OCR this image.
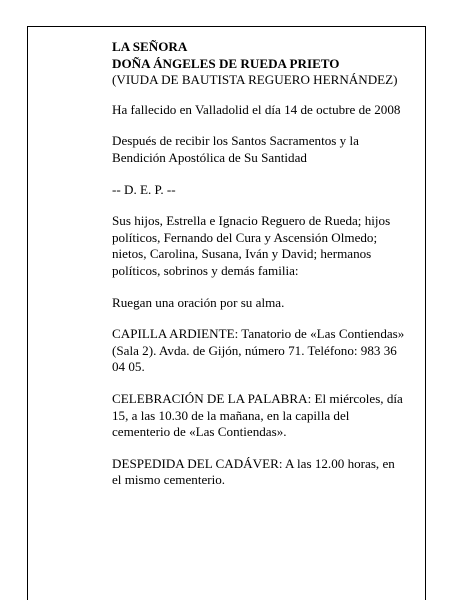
LA SEÑORA
DOÑA ÁNGELES DE RUEDA PRIETO
(VIUDA DE BAUTISTA REGUERO HERNÁNDEZ)

Ha fallecido en Valladolid el día 14 de octubre de 2008

Después de recibir los Santos Sacramentos y la
Bendición Apostólica de Su Santidad

-- D. E. P. --

Sus hijos, Estrella e Ignacio Reguero de Rueda; hijos
políticos, Fernando del Cura y Ascensión Olmedo;
nietos, Carolina, Susana, Iván y David; hermanos
políticos, sobrinos y demás familia:

Ruegan una oración por su alma.

CAPILLA ARDIENTE: Tanatorio de «Las Contiendas»
(Sala 2). Avda. de Gijón, número 71. Teléfono: 983 36
04 05.

CELEBRACIÓN DE LA PALABRA: El miércoles, día
15, a las 10.30 de la mañana, en la capilla del
cementerio de «Las Contiendas».

DESPEDIDA DEL CADÁVER: A las 12.00 horas, en
el mismo cementerio.
